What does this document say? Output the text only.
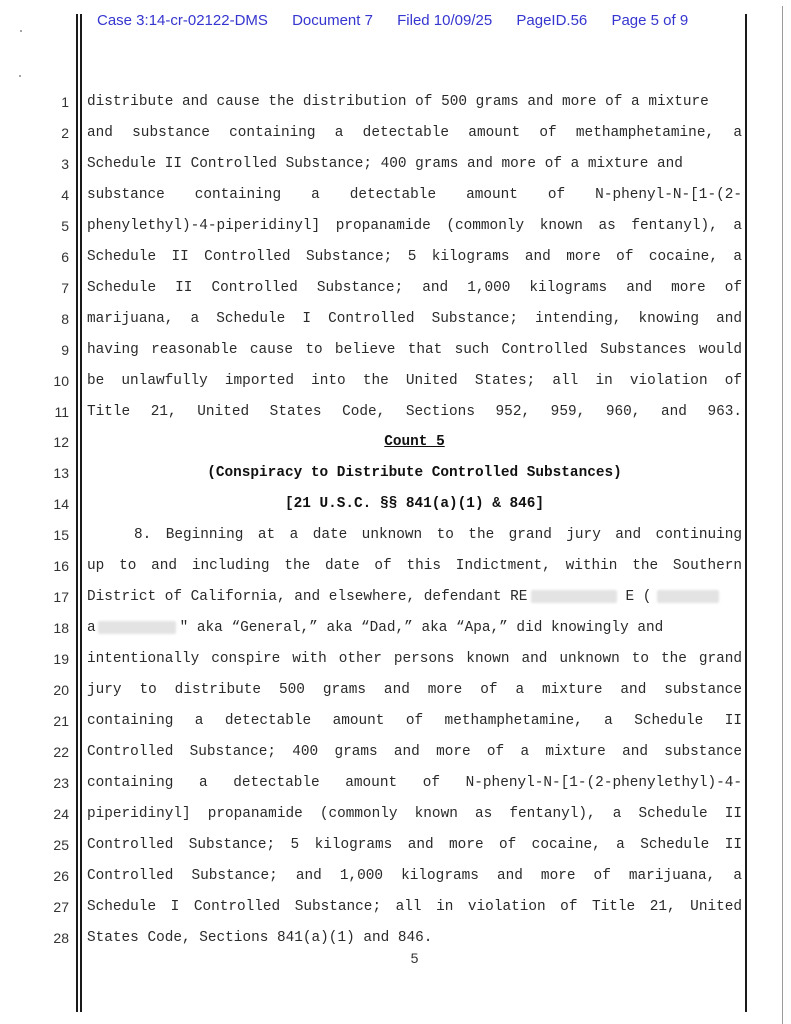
Case 3:14-cr-02122-DMS Document 7 Filed 10/09/25 PageID.56 Page 5 of 9
1 distribute and cause the distribution of 500 grams and more of a mixture
2 and substance containing a detectable amount of methamphetamine, a
3 Schedule II Controlled Substance; 400 grams and more of a mixture and
4 substance containing a detectable amount of N-phenyl-N-[1-(2-
5 phenylethyl)-4-piperidinyl] propanamide (commonly known as fentanyl), a
6 Schedule II Controlled Substance; 5 kilograms and more of cocaine, a
7 Schedule II Controlled Substance; and 1,000 kilograms and more of
8 marijuana, a Schedule I Controlled Substance; intending, knowing and
9 having reasonable cause to believe that such Controlled Substances would
10 be unlawfully imported into the United States; all in violation of
11 Title 21, United States Code, Sections 952, 959, 960, and 963.
12	Count 5
13	(Conspiracy to Distribute Controlled Substances)
14	[21 U.S.C. §§ 841(a)(1) & 846]
15	8. Beginning at a date unknown to the grand jury and continuing
16 up to and including the date of this Indictment, within the Southern
17 District of California, and elsewhere, defendant RE	E (
18 a	" aka “General,” aka “Dad,” aka “Apa,” did knowingly and
19 intentionally conspire with other persons known and unknown to the grand
20 jury to distribute 500 grams and more of a mixture and substance
21 containing a detectable amount of methamphetamine, a Schedule II
22 Controlled Substance; 400 grams and more of a mixture and substance
23 containing a detectable amount of N-phenyl-N-[1-(2-phenylethyl)-4-
24 piperidinyl] propanamide (commonly known as fentanyl), a Schedule II
25 Controlled Substance; 5 kilograms and more of cocaine, a Schedule II
26 Controlled Substance; and 1,000 kilograms and more of marijuana, a
27 Schedule I Controlled Substance; all in violation of Title 21, United
28 States Code, Sections 841(a)(1) and 846.
5
